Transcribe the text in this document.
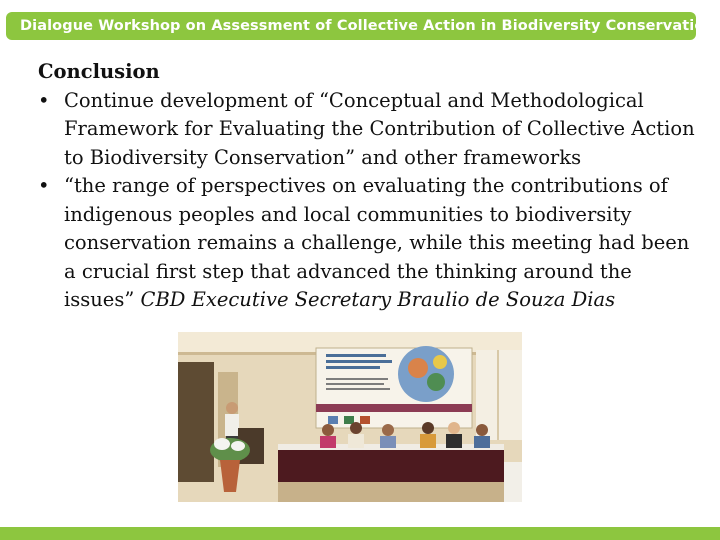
Dialogue Workshop on Assessment of Collective Action in Biodiversity Conservation
Conclusion
• Continue development of “Conceptual and Methodological Framework for Evaluating the Contribution of Collective Action to Biodiversity Conservation” and other frameworks
• “the range of perspectives on evaluating the contributions of indigenous peoples and local communities to biodiversity conservation remains a challenge, while this meeting had been a crucial first step that advanced the thinking around the issues” CBD Executive Secretary Braulio de Souza Dias
